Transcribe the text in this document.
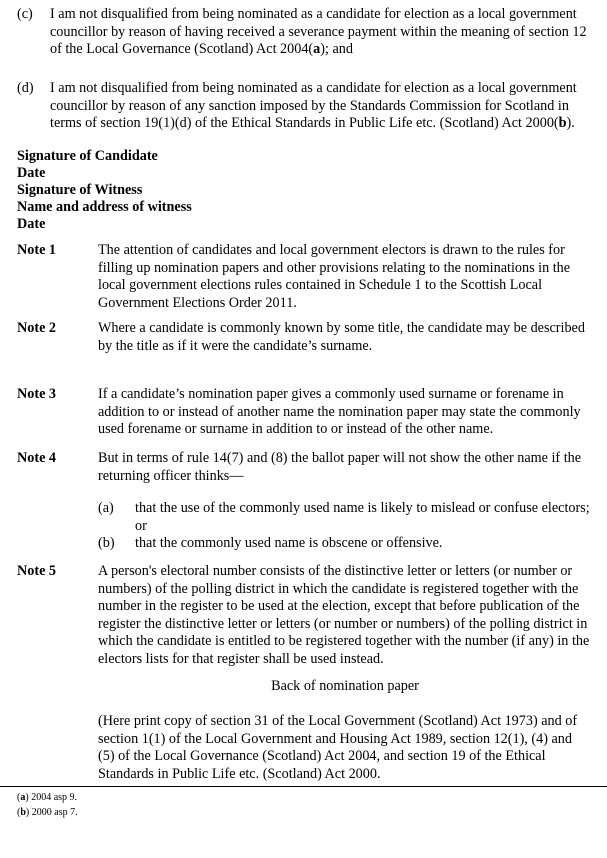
(c) I am not disqualified from being nominated as a candidate for election as a local government councillor by reason of having received a severance payment within the meaning of section 12 of the Local Governance (Scotland) Act 2004(a); and
(d) I am not disqualified from being nominated as a candidate for election as a local government councillor by reason of any sanction imposed by the Standards Commission for Scotland in terms of section 19(1)(d) of the Ethical Standards in Public Life etc. (Scotland) Act 2000(b).
Signature of Candidate
Date
Signature of Witness
Name and address of witness
Date
Note 1	The attention of candidates and local government electors is drawn to the rules for filling up nomination papers and other provisions relating to the nominations in the local government elections rules contained in Schedule 1 to the Scottish Local Government Elections Order 2011.
Note 2	Where a candidate is commonly known by some title, the candidate may be described by the title as if it were the candidate’s surname.
Note 3	If a candidate’s nomination paper gives a commonly used surname or forename in addition to or instead of another name the nomination paper may state the commonly used forename or surname in addition to or instead of the other name.
Note 4	But in terms of rule 14(7) and (8) the ballot paper will not show the other name if the returning officer thinks—
(a) that the use of the commonly used name is likely to mislead or confuse electors; or
(b) that the commonly used name is obscene or offensive.
Note 5	A person's electoral number consists of the distinctive letter or letters (or number or numbers) of the polling district in which the candidate is registered together with the number in the register to be used at the election, except that before publication of the register the distinctive letter or letters (or number or numbers) of the polling district in which the candidate is entitled to be registered together with the number (if any) in the electors lists for that register shall be used instead.
Back of nomination paper
(Here print copy of section 31 of the Local Government (Scotland) Act 1973) and of section 1(1) of the Local Government and Housing Act 1989, section 12(1), (4) and (5) of the Local Governance (Scotland) Act 2004, and section 19 of the Ethical Standards in Public Life etc. (Scotland) Act 2000.
(a) 2004 asp 9.
(b) 2000 asp 7.
